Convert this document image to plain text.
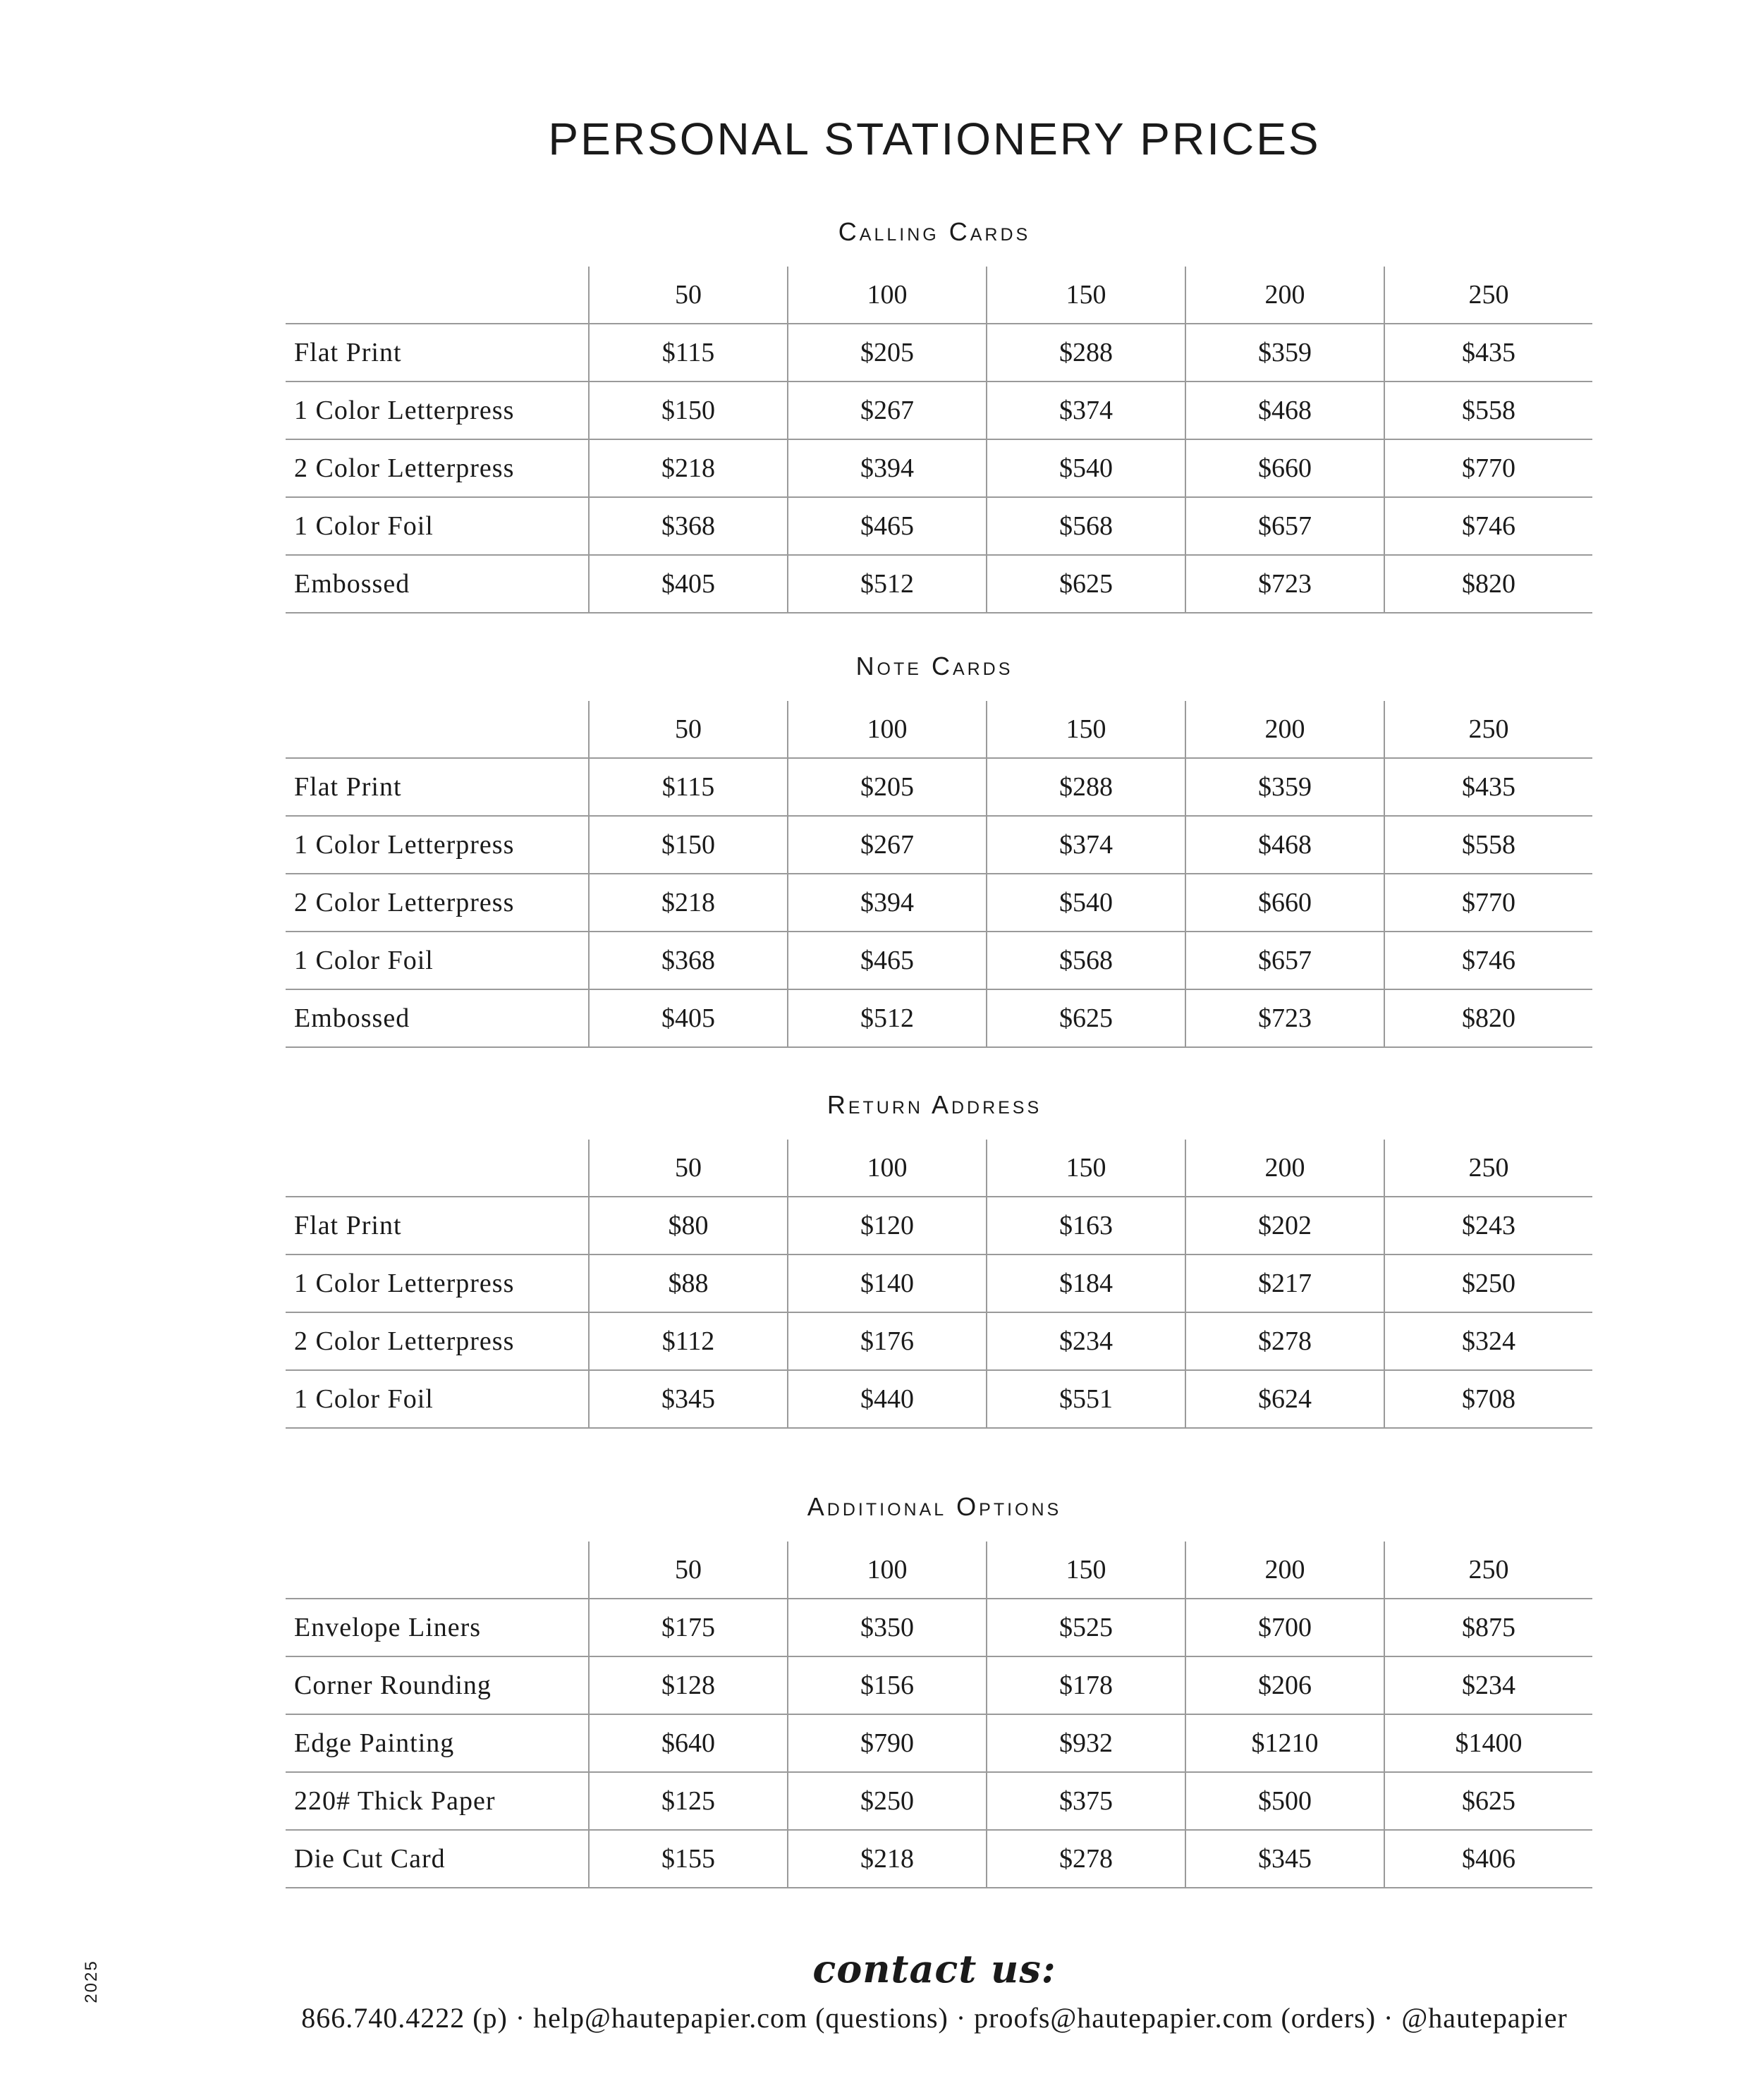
PERSONAL STATIONERY PRICES
Calling Cards
	50	100	150	200	250
Flat Print	$115	$205	$288	$359	$435
1 Color Letterpress	$150	$267	$374	$468	$558
2 Color Letterpress	$218	$394	$540	$660	$770
1 Color Foil	$368	$465	$568	$657	$746
Embossed	$405	$512	$625	$723	$820
Note Cards
	50	100	150	200	250
Flat Print	$115	$205	$288	$359	$435
1 Color Letterpress	$150	$267	$374	$468	$558
2 Color Letterpress	$218	$394	$540	$660	$770
1 Color Foil	$368	$465	$568	$657	$746
Embossed	$405	$512	$625	$723	$820
Return Address
	50	100	150	200	250
Flat Print	$80	$120	$163	$202	$243
1 Color Letterpress	$88	$140	$184	$217	$250
2 Color Letterpress	$112	$176	$234	$278	$324
1 Color Foil	$345	$440	$551	$624	$708
Additional Options
	50	100	150	200	250
Envelope Liners	$175	$350	$525	$700	$875
Corner Rounding	$128	$156	$178	$206	$234
Edge Painting	$640	$790	$932	$1210	$1400
220# Thick Paper	$125	$250	$375	$500	$625
Die Cut Card	$155	$218	$278	$345	$406
2025	contact us:
866.740.4222 (p) · help@hautepapier.com (questions) · proofs@hautepapier.com (orders) · @hautepapier
